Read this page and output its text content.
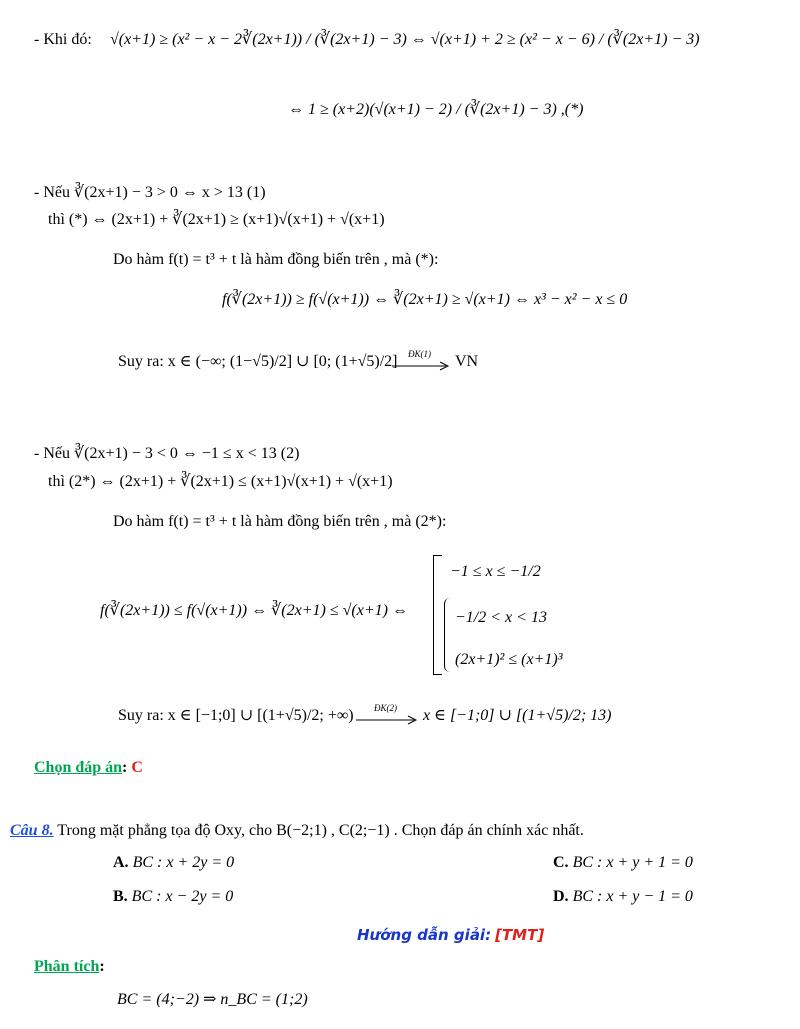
- Khi đó: √(x+1) ≥ (x² − x − 2∛(2x+1)) / (∛(2x+1) − 3) ⇔ √(x+1) + 2 ≥ (x² − x − 6) / (∛(2x+1) − 3)
⇔ 1 ≥ (x+2)(√(x+1) − 2) / (∛(2x+1) − 3) ,(*)
- Nếu ∛(2x+1) − 3 > 0 ⇔ x > 13 (1)
thì (*) ⇔ (2x+1) + ∛(2x+1) ≥ (x+1)√(x+1) + √(x+1)
Do hàm f(t) = t³ + t là hàm đồng biến trên , mà (*):
f(∛(2x+1)) ≥ f(√(x+1)) ⇔ ∛(2x+1) ≥ √(x+1) ⇔ x³ − x² − x ≤ 0
Suy ra: x ∈ (−∞; (1−√5)/2] ∪ [0; (1+√5)/2] ĐK(1) VN
- Nếu ∛(2x+1) − 3 < 0 ⇔ −1 ≤ x < 13 (2)
thì (2*) ⇔ (2x+1) + ∛(2x+1) ≤ (x+1)√(x+1) + √(x+1)
Do hàm f(t) = t³ + t là hàm đồng biến trên , mà (2*):
f(∛(2x+1)) ≤ f(√(x+1)) ⇔ ∛(2x+1) ≤ √(x+1) ⇔
−1 ≤ x ≤ −1/2
−1/2 < x < 13
(2x+1)² ≤ (x+1)³
Suy ra: x ∈ [−1;0] ∪ [(1+√5)/2; +∞) ĐK(2) x ∈ [−1;0] ∪ [(1+√5)/2; 13)
Chọn đáp án: C
Câu 8. Trong mặt phẳng tọa độ Oxy, cho B(−2;1) , C(2;−1) . Chọn đáp án chính xác nhất.
A. BC : x + 2y = 0	C. BC : x + y + 1 = 0
B. BC : x − 2y = 0	D. BC : x + y − 1 = 0
Hướng dẫn giải: [TMT]
Phân tích:
BC = (4;−2) ⇒ n_BC = (1;2)
